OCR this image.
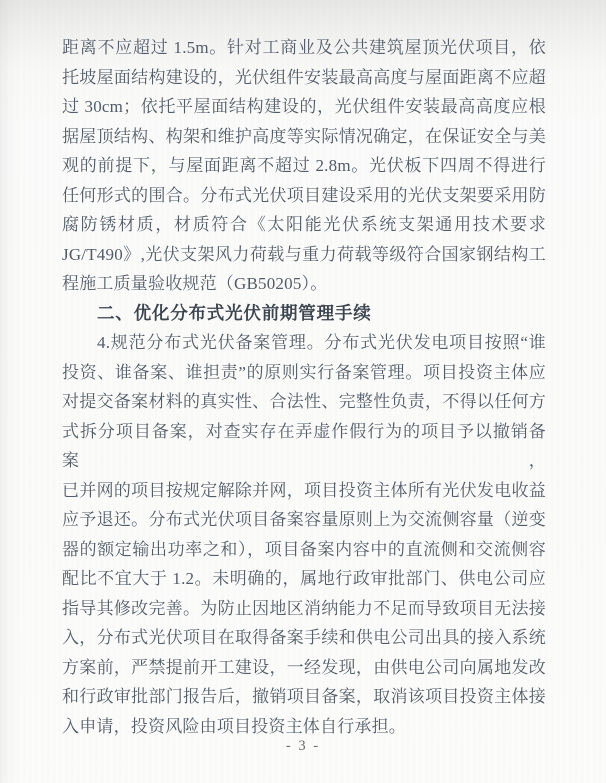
距离不应超过 1.5m。针对工商业及公共建筑屋顶光伏项目，依
托坡屋面结构建设的，光伏组件安装最高高度与屋面距离不应超
过 30cm；依托平屋面结构建设的，光伏组件安装最高高度应根
据屋顶结构、构架和维护高度等实际情况确定，在保证安全与美
观的前提下，与屋面距离不超过 2.8m。光伏板下四周不得进行
任何形式的围合。分布式光伏项目建设采用的光伏支架要采用防
腐防锈材质，材质符合《太阳能光伏系统支架通用技术要求
JG/T490》,光伏支架风力荷载与重力荷载等级符合国家钢结构工
程施工质量验收规范（GB50205）。
二、优化分布式光伏前期管理手续
4.规范分布式光伏备案管理。分布式光伏发电项目按照“谁
投资、谁备案、谁担责”的原则实行备案管理。项目投资主体应
对提交备案材料的真实性、合法性、完整性负责，不得以任何方
式拆分项目备案，对查实存在弄虚作假行为的项目予以撤销备案，
已并网的项目按规定解除并网，项目投资主体所有光伏发电收益
应予退还。分布式光伏项目备案容量原则上为交流侧容量（逆变
器的额定输出功率之和），项目备案内容中的直流侧和交流侧容
配比不宜大于 1.2。未明确的，属地行政审批部门、供电公司应
指导其修改完善。为防止因地区消纳能力不足而导致项目无法接
入，分布式光伏项目在取得备案手续和供电公司出具的接入系统
方案前，严禁提前开工建设，一经发现，由供电公司向属地发改
和行政审批部门报告后，撤销项目备案，取消该项目投资主体接
入申请，投资风险由项目投资主体自行承担。
- 3 -
